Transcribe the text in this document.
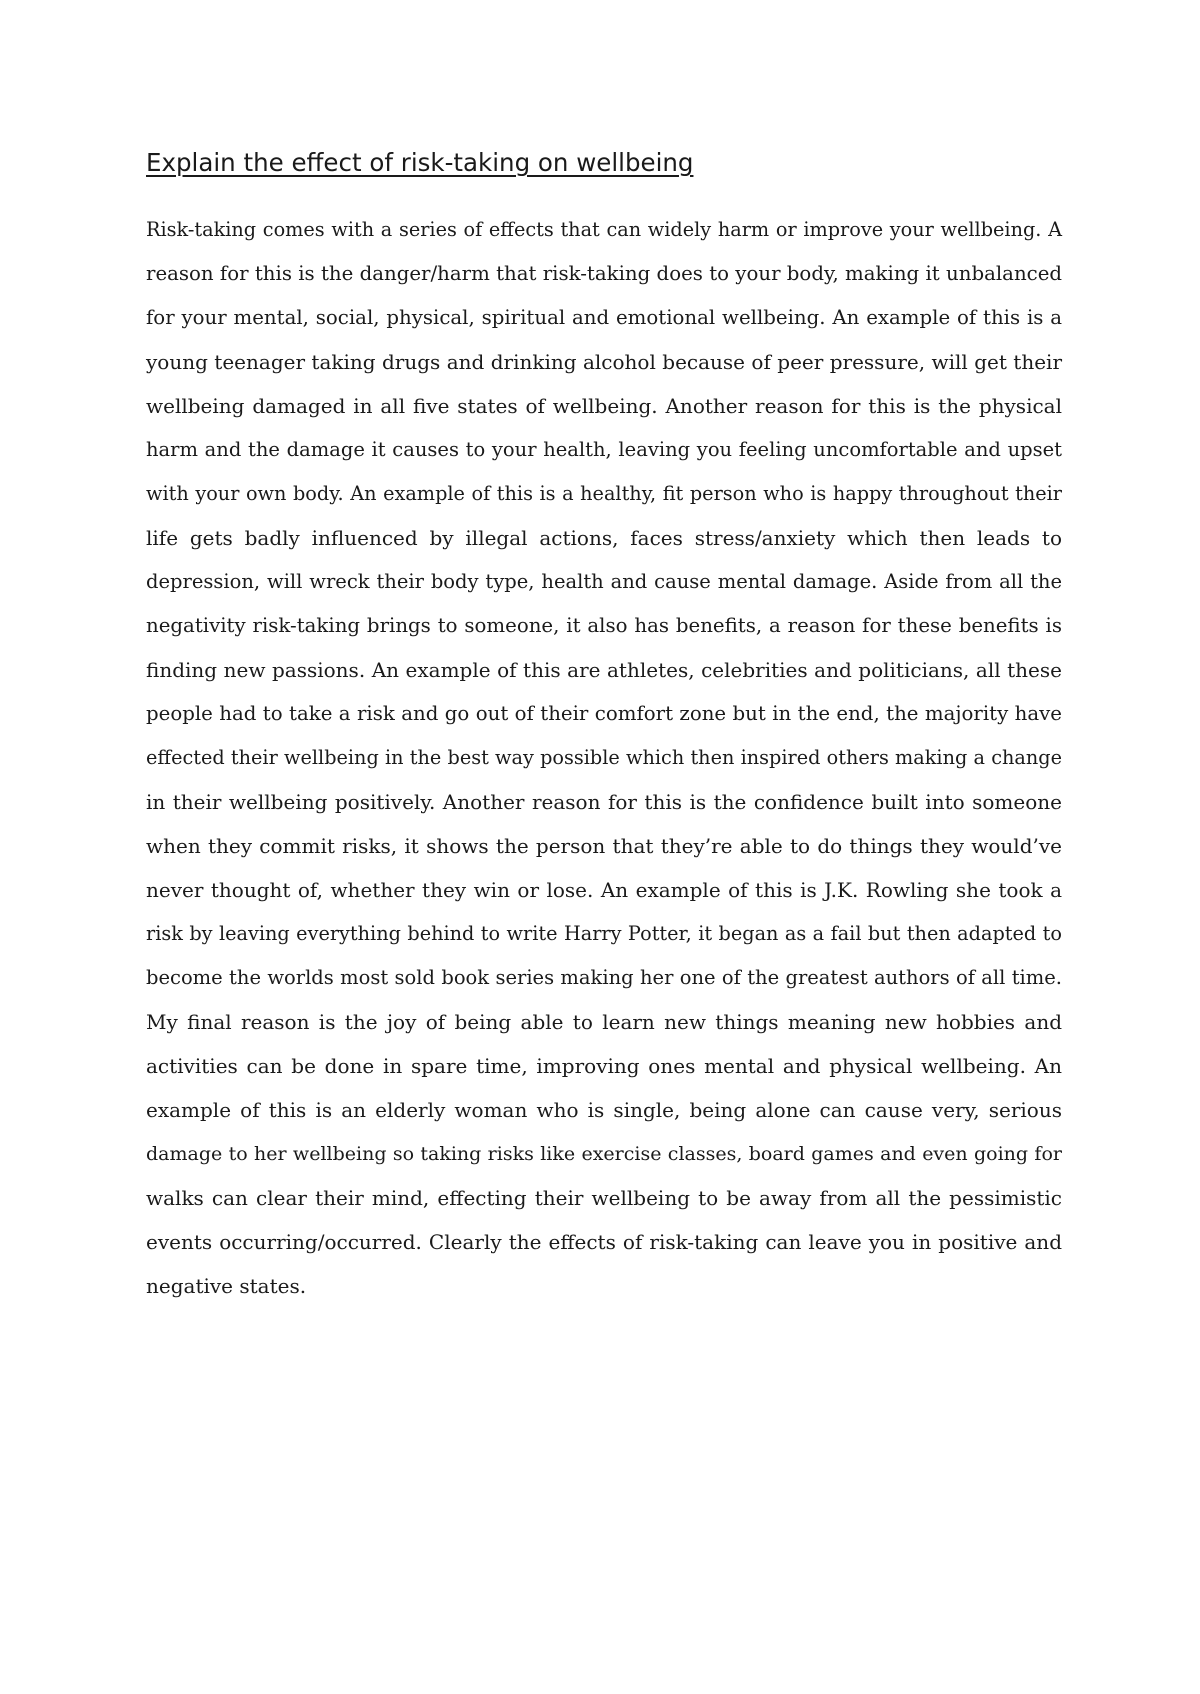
Explain the effect of risk-taking on wellbeing
Risk-taking comes with a series of effects that can widely harm or improve your wellbeing. A
reason for this is the danger/harm that risk-taking does to your body, making it unbalanced
for your mental, social, physical, spiritual and emotional wellbeing. An example of this is a
young teenager taking drugs and drinking alcohol because of peer pressure, will get their
wellbeing damaged in all five states of wellbeing. Another reason for this is the physical
harm and the damage it causes to your health, leaving you feeling uncomfortable and upset
with your own body. An example of this is a healthy, fit person who is happy throughout their
life gets badly influenced by illegal actions, faces stress/anxiety which then leads to
depression, will wreck their body type, health and cause mental damage. Aside from all the
negativity risk-taking brings to someone, it also has benefits, a reason for these benefits is
finding new passions. An example of this are athletes, celebrities and politicians, all these
people had to take a risk and go out of their comfort zone but in the end, the majority have
effected their wellbeing in the best way possible which then inspired others making a change
in their wellbeing positively. Another reason for this is the confidence built into someone
when they commit risks, it shows the person that they’re able to do things they would’ve
never thought of, whether they win or lose. An example of this is J.K. Rowling she took a
risk by leaving everything behind to write Harry Potter, it began as a fail but then adapted to
become the worlds most sold book series making her one of the greatest authors of all time.
My final reason is the joy of being able to learn new things meaning new hobbies and
activities can be done in spare time, improving ones mental and physical wellbeing. An
example of this is an elderly woman who is single, being alone can cause very, serious
damage to her wellbeing so taking risks like exercise classes, board games and even going for
walks can clear their mind, effecting their wellbeing to be away from all the pessimistic
events occurring/occurred. Clearly the effects of risk-taking can leave you in positive and
negative states.
